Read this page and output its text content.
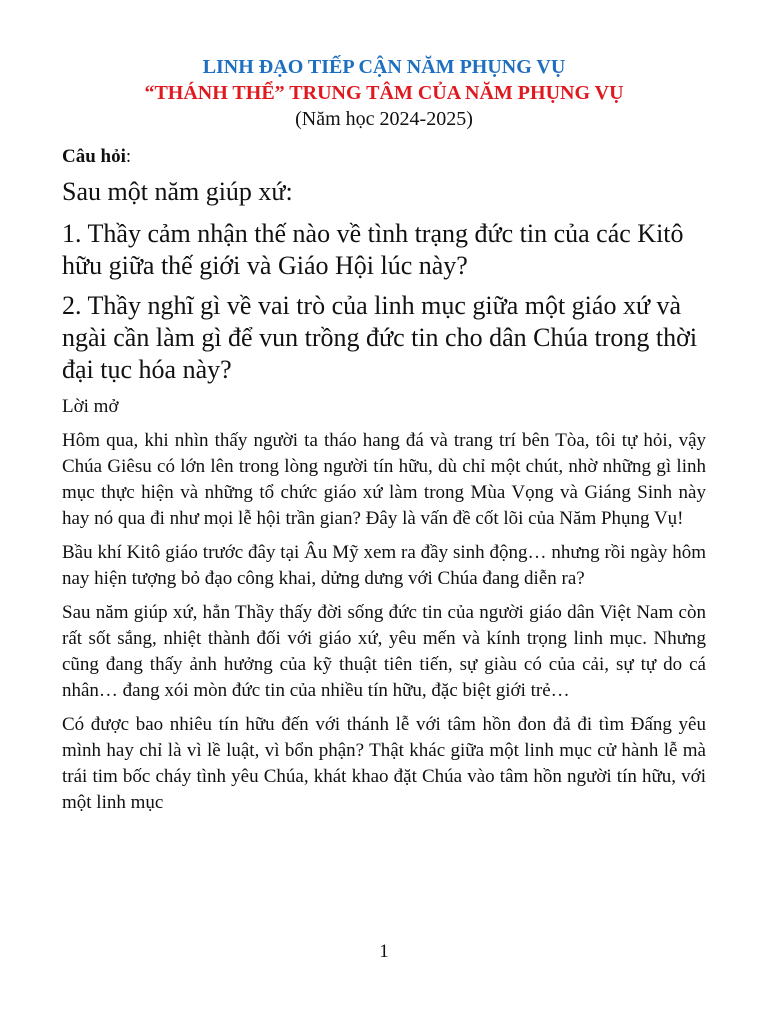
LINH ĐẠO TIẾP CẬN NĂM PHỤNG VỤ

“THÁNH THỂ” TRUNG TÂM CỦA NĂM PHỤNG VỤ

(Năm học 2024-2025)

Câu hỏi:

Sau một năm giúp xứ:

1. Thầy cảm nhận thế nào về tình trạng đức tin của các Kitô hữu giữa thế giới và Giáo Hội lúc này?

2. Thầy nghĩ gì về vai trò của linh mục giữa một giáo xứ và ngài cần làm gì để vun trồng đức tin cho dân Chúa trong thời đại tục hóa này?

Lời mở

Hôm qua, khi nhìn thấy người ta tháo hang đá và trang trí bên Tòa, tôi tự hỏi, vậy Chúa Giêsu có lớn lên trong lòng người tín hữu, dù chỉ một chút, nhờ những gì linh mục thực hiện và những tổ chức giáo xứ làm trong Mùa Vọng và Giáng Sinh này hay nó qua đi như mọi lễ hội trần gian? Đây là vấn đề cốt lõi của Năm Phụng Vụ!

Bầu khí Kitô giáo trước đây tại Âu Mỹ xem ra đầy sinh động… nhưng rồi ngày hôm nay hiện tượng bỏ đạo công khai, dửng dưng với Chúa đang diễn ra?

Sau năm giúp xứ, hẳn Thầy thấy đời sống đức tin của người giáo dân Việt Nam còn rất sốt sắng, nhiệt thành đối với giáo xứ, yêu mến và kính trọng linh mục. Nhưng cũng đang thấy ảnh hưởng của kỹ thuật tiên tiến, sự giàu có của cải, sự tự do cá nhân… đang xói mòn đức tin của nhiều tín hữu, đặc biệt giới trẻ…

Có được bao nhiêu tín hữu đến với thánh lễ với tâm hồn đon đả đi tìm Đấng yêu mình hay chỉ là vì lề luật, vì bổn phận? Thật khác giữa một linh mục cử hành lễ mà trái tim bốc cháy tình yêu Chúa, khát khao đặt Chúa vào tâm hồn người tín hữu, với một linh mục

1
